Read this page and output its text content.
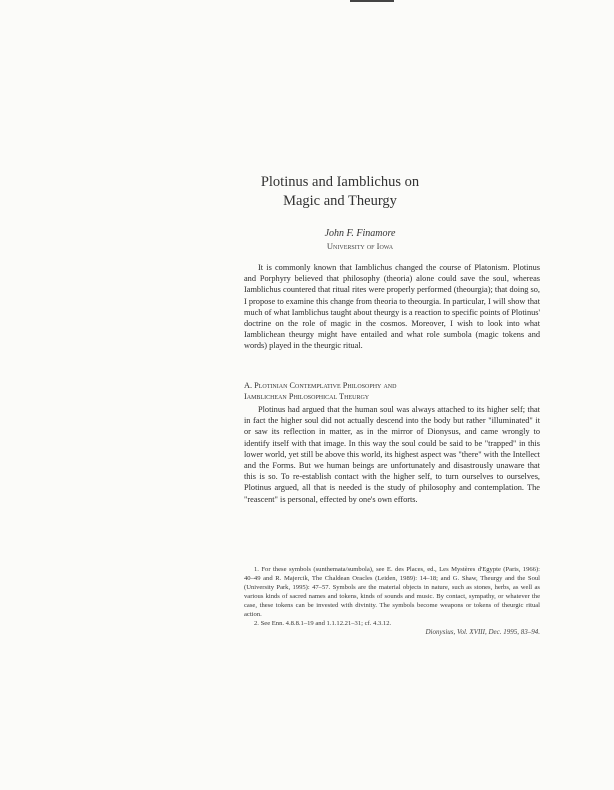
Plotinus and Iamblichus on
Magic and Theurgy
John F. Finamore
University of Iowa

It is commonly known that Iamblichus changed the course of Platonism. Plotinus and Porphyry believed that philosophy (theoria) alone could save the soul, whereas Iamblichus countered that ritual rites were properly performed (theourgia); that doing so, I propose to examine this change from theoria to theourgia. In particular, I will show that much of what Iamblichus taught about theurgy is a reaction to specific points of Plotinus' doctrine on the role of magic in the cosmos. Moreover, I wish to look into what Iamblichean theurgy might have entailed and what role sumbola (magic tokens and words) played in the theurgic ritual.

A. Plotinian Contemplative Philosophy and
Iamblichean Philosophical Theurgy

Plotinus had argued that the human soul was always attached to its higher self; that in fact the higher soul did not actually descend into the body but rather "illuminated" it or saw its reflection in matter, as in the mirror of Dionysus, and came wrongly to identify itself with that image. In this way the soul could be said to be "trapped" in this lower world, yet still be above this world, its highest aspect was "there" with the Intellect and the Forms. But we human beings are unfortunately and disastrously unaware that this is so. To re-establish contact with the higher self, to turn ourselves to ourselves, Plotinus argued, all that is needed is the study of philosophy and contemplation. The "reascent" is personal, effected by one's own efforts.

1. For these symbols (sunthemata/sumbola), see E. des Places, ed., Les Mystères d'Egypte (Paris, 1966): 40–49 and R. Majercik, The Chaldean Oracles (Leiden, 1989): 14–18; and G. Shaw, Theurgy and the Soul (University Park, 1995): 47–57. Symbols are the material objects in nature, such as stones, herbs, as well as various kinds of sacred names and tokens, kinds of sounds and music. By contact, sympathy, or whatever the case, these tokens can be invested with divinity. The symbols become weapons or tokens of theurgic ritual action.

2. See Enn. 4.8.8.1–19 and 1.1.12.21–31; cf. 4.3.12.

Dionysius, Vol. XVIII, Dec. 1995, 83–94.
